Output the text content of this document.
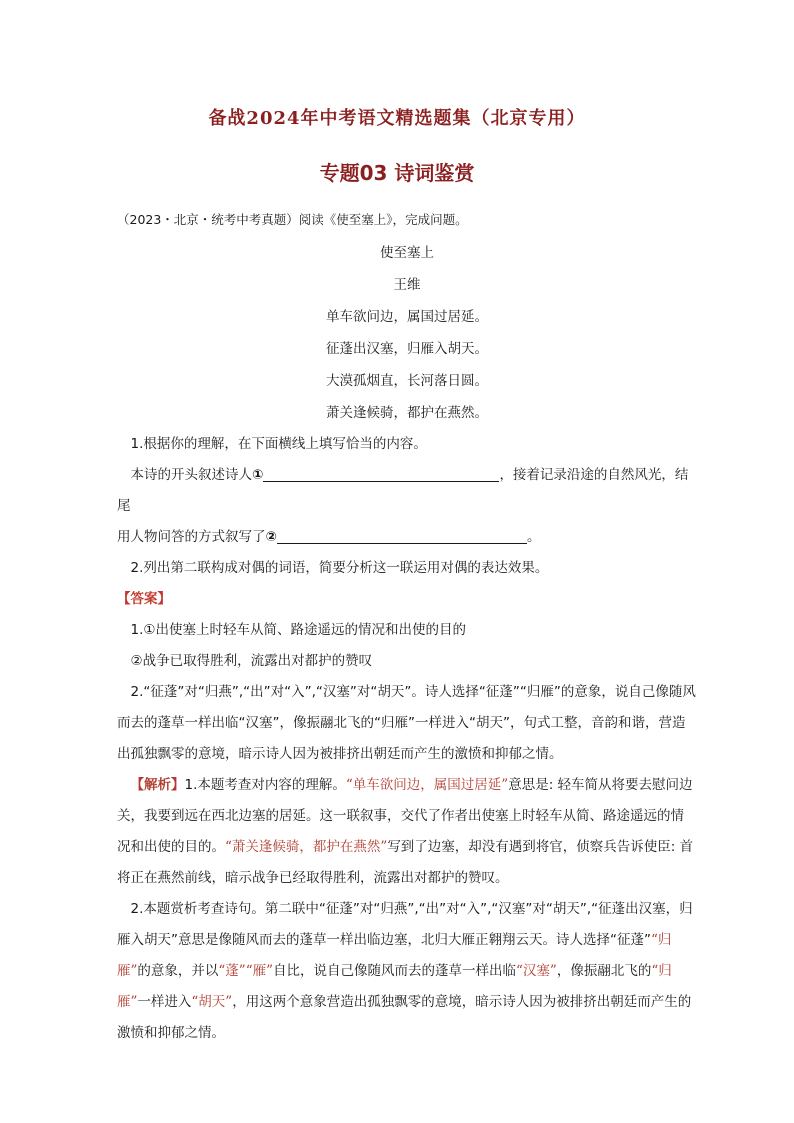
备战2024年中考语文精选题集（北京专用）
专题03 诗词鉴赏

（2023・北京・统考中考真题）阅读《使至塞上》，完成问题。

使至塞上

王维

单车欲问边，属国过居延。

征蓬出汉塞，归雁入胡天。

大漠孤烟直，长河落日圆。

萧关逢候骑，都护在燕然。

1.根据你的理解，在下面横线上填写恰当的内容。

本诗的开头叙述诗人①	，接着记录沿途的自然风光，结尾

用人物问答的方式叙写了②	。

2.列出第二联构成对偶的词语，简要分析这一联运用对偶的表达效果。

【答案】

1.①出使塞上时轻车从简、路途遥远的情况和出使的目的

②战争已取得胜利，流露出对都护的赞叹

2.“征蓬”对“归燕”,“出”对“入”,“汉塞”对“胡天”。诗人选择“征蓬”“归雁”的意象，说自己像随风而去的蓬草一样出临“汉塞”，像振翮北飞的“归雁”一样进入“胡天”，句式工整，音韵和谐，营造出孤独飘零的意境，暗示诗人因为被排挤出朝廷而产生的激愤和抑郁之情。

【解析】1.本题考查对内容的理解。“单车欲问边，属国过居延”意思是: 轻车简从将要去慰问边关，我要到远在西北边塞的居延。这一联叙事，交代了作者出使塞上时轻车从简、路途遥远的情况和出使的目的。“萧关逢候骑，都护在燕然”写到了边塞，却没有遇到将官，侦察兵告诉使臣: 首将正在燕然前线，暗示战争已经取得胜利，流露出对都护的赞叹。

2.本题赏析考查诗句。第二联中“征蓬”对“归燕”,“出”对“入”,“汉塞”对“胡天”,“征蓬出汉塞，归雁入胡天”意思是像随风而去的蓬草一样出临边塞，北归大雁正翱翔云天。诗人选择“征蓬”“归雁”的意象，并以“蓬”“雁”自比，说自己像随风而去的蓬草一样出临“汉塞”，像振翮北飞的“归雁”一样进入“胡天”，用这两个意象营造出孤独飘零的意境，暗示诗人因为被排挤出朝廷而产生的激愤和抑郁之情。
